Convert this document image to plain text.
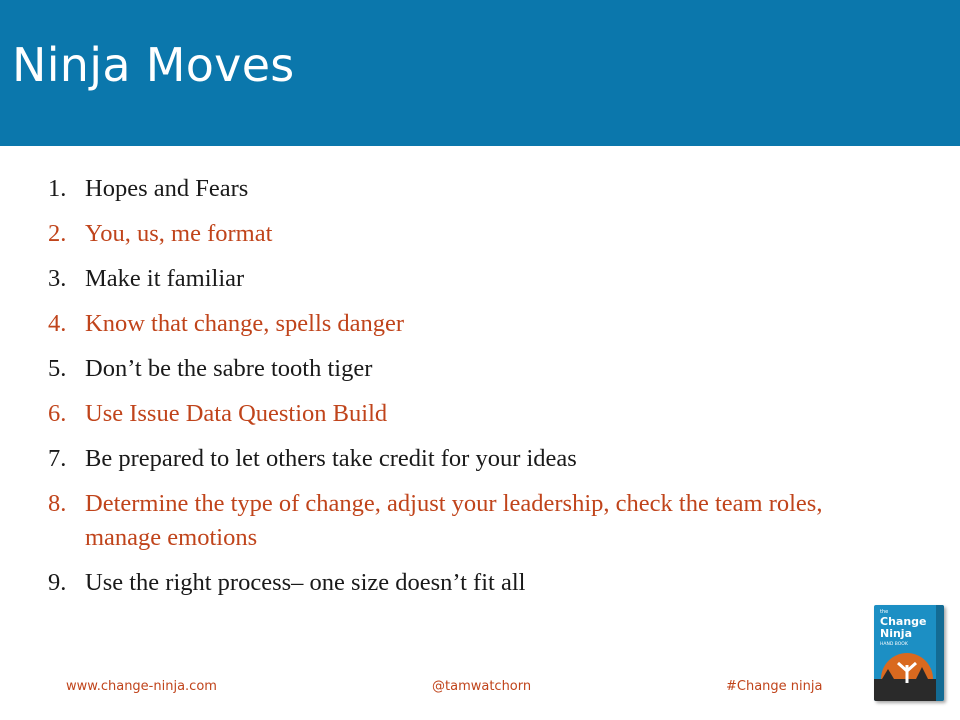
Ninja Moves
1. Hopes and Fears
2. You, us, me format
3. Make it familiar
4. Know that change, spells danger
5. Don’t be the sabre tooth tiger
6. Use Issue Data Question Build
7. Be prepared to let others take credit for your ideas
8. Determine the type of change, adjust your leadership, check the team roles, manage emotions
9. Use the right process– one size doesn’t fit all
www.change-ninja.com	@tamwatchorn	#Change ninja
the
Change
Ninja
HAND BOOK
